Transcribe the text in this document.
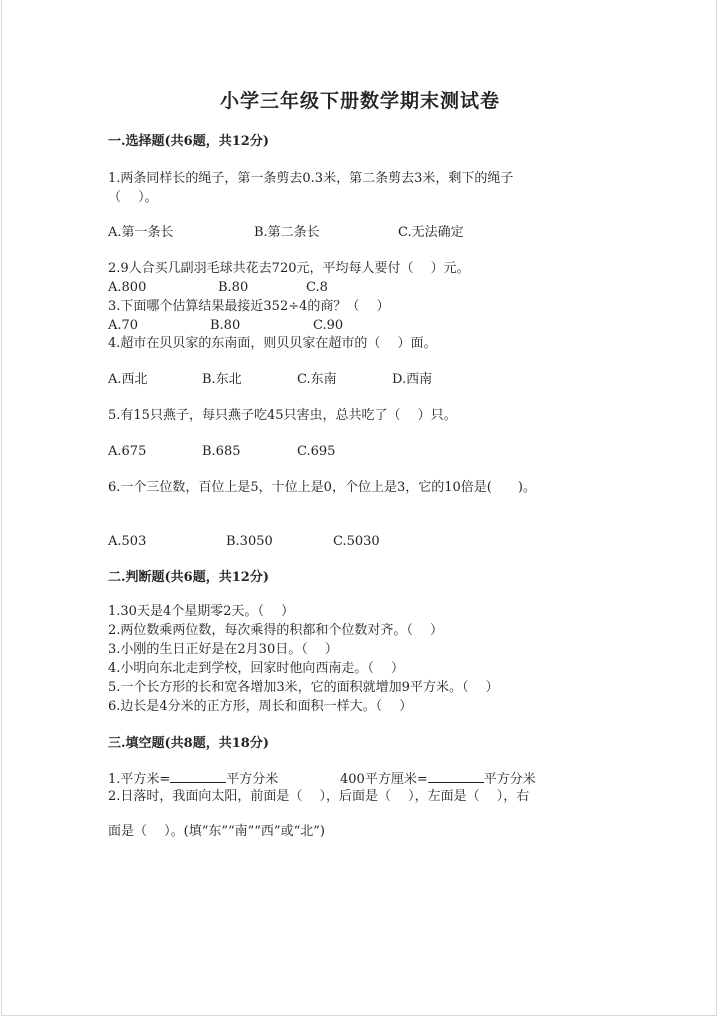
小学三年级下册数学期末测试卷
一.选择题(共6题，共12分)
1.两条同样长的绳子，第一条剪去0.3米，第二条剪去3米，剩下的绳子
（　 ）。
A.第一条长	B.第二条长	C.无法确定
2.9人合买几副羽毛球共花去720元，平均每人要付（　 ）元。
A.800	B.80	C.8
3.下面哪个估算结果最接近352÷4的商？（　 ）
A.70	B.80	C.90
4.超市在贝贝家的东南面，则贝贝家在超市的（　 ）面。
A.西北	B.东北	C.东南	D.西南
5.有15只燕子，每只燕子吃45只害虫，总共吃了（　 ）只。
A.675	B.685	C.695
6.一个三位数，百位上是5，十位上是0，个位上是3，它的10倍是(　　)。
A.503	B.3050	C.5030
二.判断题(共6题，共12分)
1.30天是4个星期零2天。（　 ）
2.两位数乘两位数，每次乘得的积都和个位数对齐。（　 ）
3.小刚的生日正好是在2月30日。（　 ）
4.小明向东北走到学校，回家时他向西南走。（　 ）
5.一个长方形的长和宽各增加3米，它的面积就增加9平方米。（　 ）
6.边长是4分米的正方形，周长和面积一样大。（　 ）
三.填空题(共8题，共18分)
1.平方米=	平方分米	400平方厘米=	平方分米
2.日落时，我面向太阳，前面是（　 ），后面是（　 ），左面是（　 ），右
面是（　 ）。(填“东”“南”“西”或“北”)
